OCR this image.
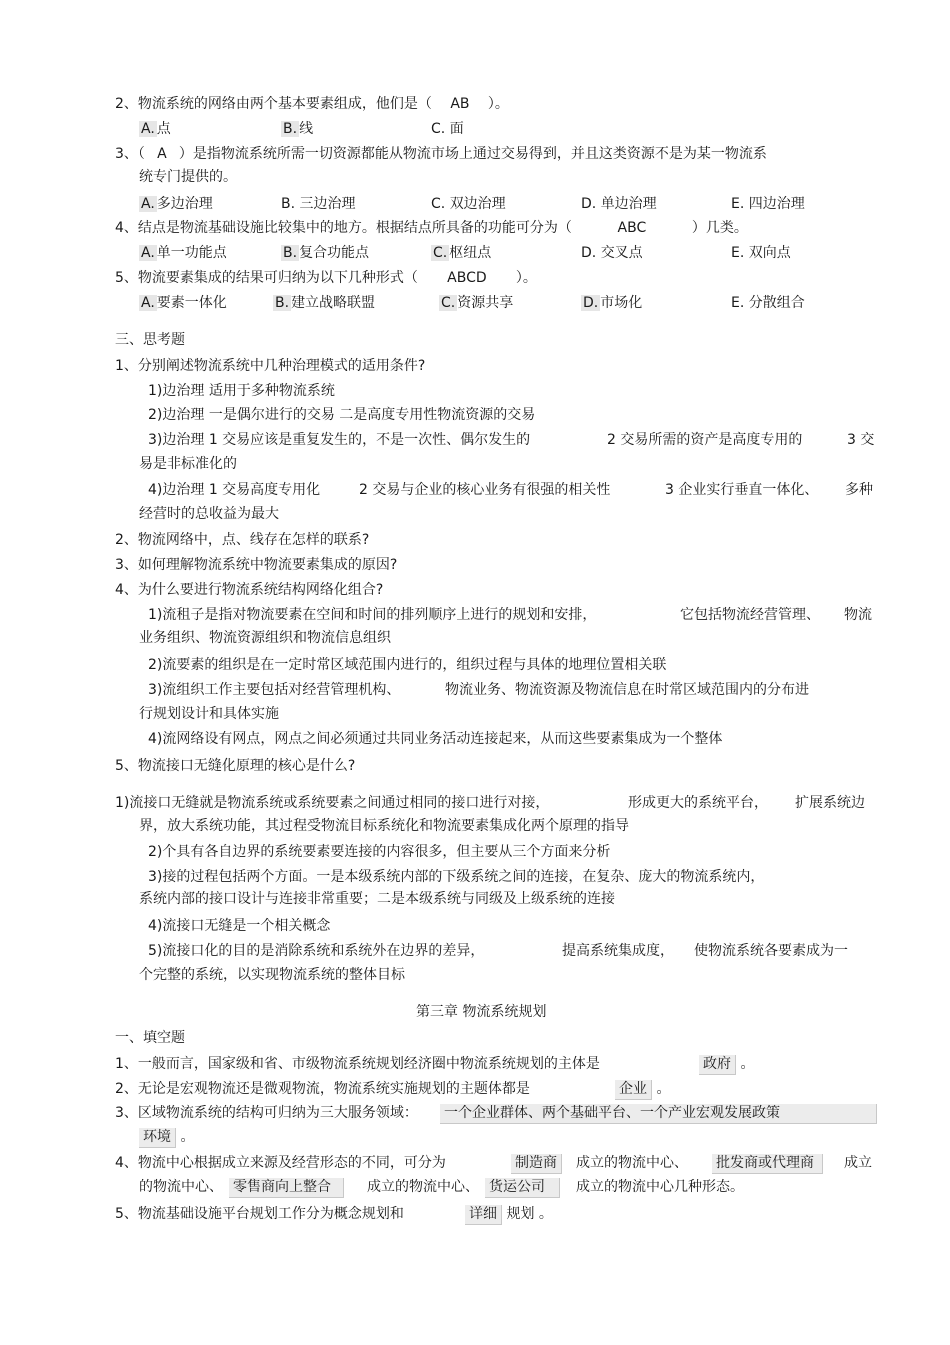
2、物流系统的网络由两个基本要素组成，他们是（ AB ）。
A. 点	B. 线	C. 面
3、（ A ）是指物流系统所需一切资源都能从物流市场上通过交易得到，并且这类资源不是为某一物流系
统专门提供的。
A. 多边治理	B. 三边治理	C. 双边治理	D. 单边治理	E. 四边治理
4、结点是物流基础设施比较集中的地方。根据结点所具备的功能可分为（	ABC	）几类。
A. 单一功能点	B. 复合功能点	C. 枢纽点	D. 交叉点	E. 双向点
5、物流要素集成的结果可归纳为以下几种形式（ ABCD ）。
A. 要素一体化	B. 建立战略联盟	C. 资源共享	D. 市场化	E. 分散组合
三、思考题
1、分别阐述物流系统中几种治理模式的适用条件?
1)边治理 适用于多种物流系统
2)边治理 一是偶尔进行的交易 二是高度专用性物流资源的交易
3)边治理 1 交易应该是重复发生的，不是一次性、偶尔发生的	2 交易所需的资产是高度专用的	3 交
易是非标准化的
4)边治理 1 交易高度专用化	2 交易与企业的核心业务有很强的相关性	3 企业实行垂直一体化、 多种
经营时的总收益为最大
2、物流网络中，点、线存在怎样的联系?
3、如何理解物流系统中物流要素集成的原因?
4、为什么要进行物流系统结构网络化组合?
1)流租子是指对物流要素在空间和时间的排列顺序上进行的规划和安排，	它包括物流经营管理、 物流
业务组织、物流资源组织和物流信息组织
2)流要素的组织是在一定时常区域范围内进行的，组织过程与具体的地理位置相关联
3)流组织工作主要包括对经营管理机构、	物流业务、物流资源及物流信息在时常区域范围内的分布进
行规划设计和具体实施
4)流网络设有网点，网点之间必须通过共同业务活动连接起来，从而这些要素集成为一个整体
5、物流接口无缝化原理的核心是什么?
1)流接口无缝就是物流系统或系统要素之间通过相同的接口进行对接，	形成更大的系统平台， 扩展系统边
界，放大系统功能，其过程受物流目标系统化和物流要素集成化两个原理的指导
2)个具有各自边界的系统要素要连接的内容很多，但主要从三个方面来分析
3)接的过程包括两个方面。一是本级系统内部的下级系统之间的连接，在复杂、庞大的物流系统内，
系统内部的接口设计与连接非常重要；二是本级系统与同级及上级系统的连接
4)流接口无缝是一个相关概念
5)流接口化的目的是消除系统和系统外在边界的差异，	提高系统集成度， 使物流系统各要素成为一
个完整的系统，以实现物流系统的整体目标
第三章 物流系统规划
一、填空题
1、一般而言，国家级和省、市级物流系统规划经济圈中物流系统规划的主体是	政府 。
2、无论是宏观物流还是微观物流，物流系统实施规划的主题体都是	企业 。
3、区域物流系统的结构可归纳为三大服务领域： 一个企业群体、两个基础平台、一个产业宏观发展政策
环境 。
4、物流中心根据成立来源及经营形态的不同，可分为	制造商	成立的物流中心、 批发商或代理商	成立
的物流中心、 零售商向上整合	成立的物流中心、 货运公司	成立的物流中心几种形态。
5、物流基础设施平台规划工作分为概念规划和	详细 规划 。
